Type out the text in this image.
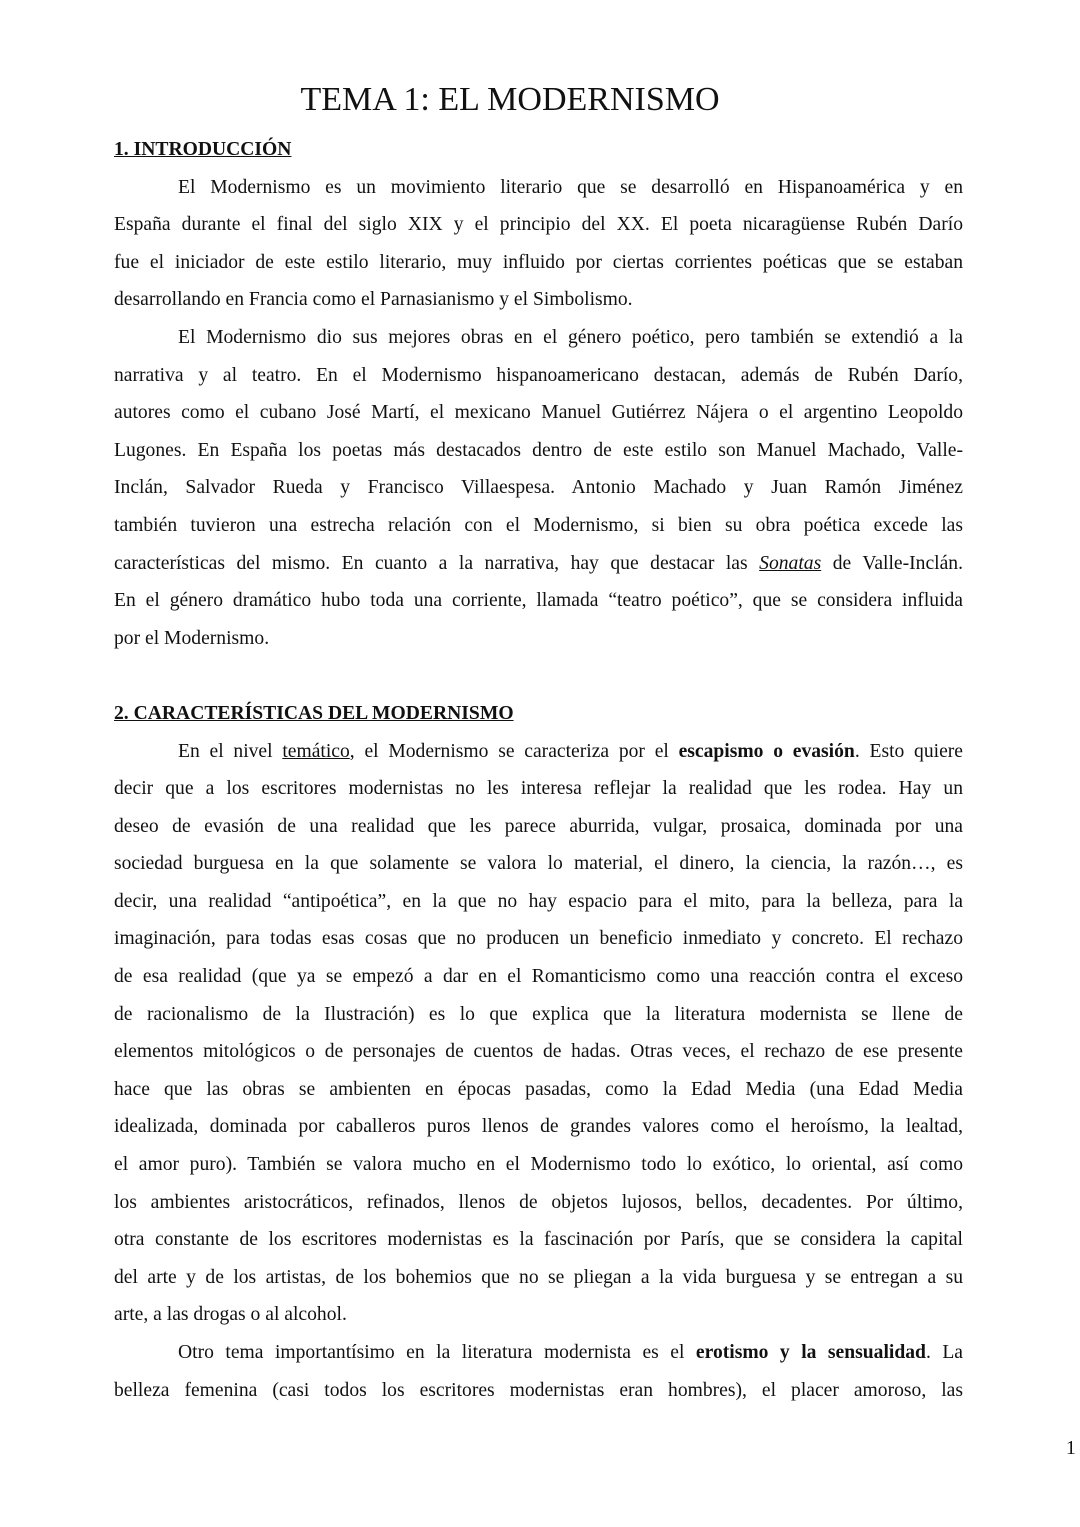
TEMA 1: EL MODERNISMO
1. INTRODUCCIÓN
El Modernismo es un movimiento literario que se desarrolló en Hispanoamérica y en
España durante el final del siglo XIX y el principio del XX. El poeta nicaragüense Rubén Darío
fue el iniciador de este estilo literario, muy influido por ciertas corrientes poéticas que se estaban
desarrollando en Francia como el Parnasianismo y el Simbolismo.
El Modernismo dio sus mejores obras en el género poético, pero también se extendió a la
narrativa y al teatro. En el Modernismo hispanoamericano destacan, además de Rubén Darío,
autores como el cubano José Martí, el mexicano Manuel Gutiérrez Nájera o el argentino Leopoldo
Lugones. En España los poetas más destacados dentro de este estilo son Manuel Machado, Valle-
Inclán, Salvador Rueda y Francisco Villaespesa. Antonio Machado y Juan Ramón Jiménez
también tuvieron una estrecha relación con el Modernismo, si bien su obra poética excede las
características del mismo. En cuanto a la narrativa, hay que destacar las Sonatas de Valle-Inclán.
En el género dramático hubo toda una corriente, llamada “teatro poético”, que se considera influida
por el Modernismo.
2. CARACTERÍSTICAS DEL MODERNISMO
En el nivel temático, el Modernismo se caracteriza por el escapismo o evasión. Esto quiere
decir que a los escritores modernistas no les interesa reflejar la realidad que les rodea. Hay un
deseo de evasión de una realidad que les parece aburrida, vulgar, prosaica, dominada por una
sociedad burguesa en la que solamente se valora lo material, el dinero, la ciencia, la razón…, es
decir, una realidad “antipoética”, en la que no hay espacio para el mito, para la belleza, para la
imaginación, para todas esas cosas que no producen un beneficio inmediato y concreto. El rechazo
de esa realidad (que ya se empezó a dar en el Romanticismo como una reacción contra el exceso
de racionalismo de la Ilustración) es lo que explica que la literatura modernista se llene de
elementos mitológicos o de personajes de cuentos de hadas. Otras veces, el rechazo de ese presente
hace que las obras se ambienten en épocas pasadas, como la Edad Media (una Edad Media
idealizada, dominada por caballeros puros llenos de grandes valores como el heroísmo, la lealtad,
el amor puro). También se valora mucho en el Modernismo todo lo exótico, lo oriental, así como
los ambientes aristocráticos, refinados, llenos de objetos lujosos, bellos, decadentes. Por último,
otra constante de los escritores modernistas es la fascinación por París, que se considera la capital
del arte y de los artistas, de los bohemios que no se pliegan a la vida burguesa y se entregan a su
arte, a las drogas o al alcohol.
Otro tema importantísimo en la literatura modernista es el erotismo y la sensualidad. La
belleza femenina (casi todos los escritores modernistas eran hombres), el placer amoroso, las
1
